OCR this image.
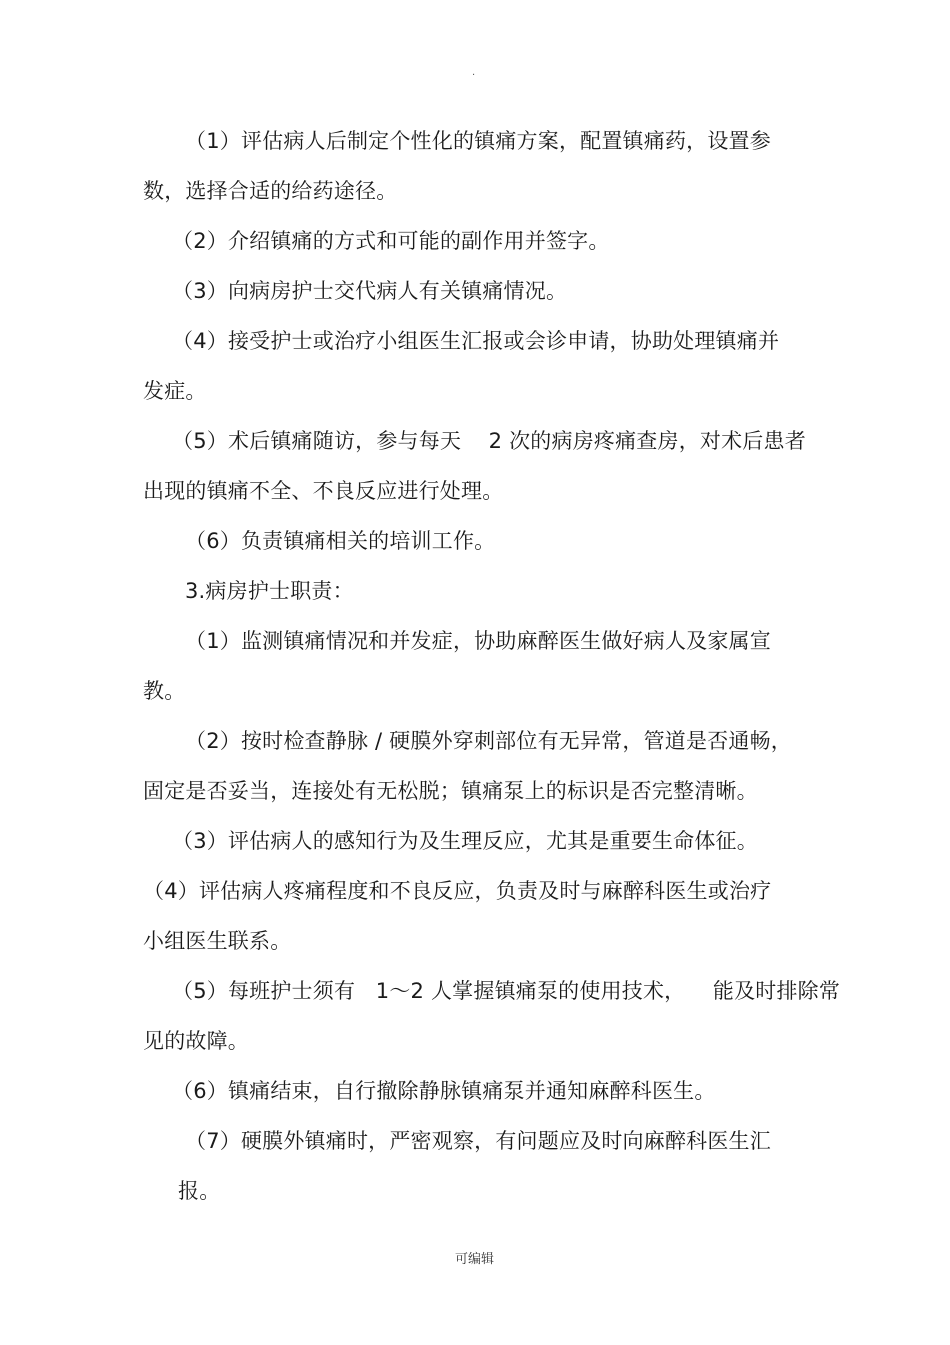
·
（1）评估病人后制定个性化的镇痛方案，配置镇痛药，设置参
数，选择合适的给药途径。
（2）介绍镇痛的方式和可能的副作用并签字。
（3）向病房护士交代病人有关镇痛情况。
（4）接受护士或治疗小组医生汇报或会诊申请，协助处理镇痛并
发症。
（5）术后镇痛随访，参与每天    2 次的病房疼痛查房，对术后患者
出现的镇痛不全、不良反应进行处理。
（6）负责镇痛相关的培训工作。
3.病房护士职责：
（1）监测镇痛情况和并发症，协助麻醉医生做好病人及家属宣
教。
（2）按时检查静脉 / 硬膜外穿刺部位有无异常，管道是否通畅，
固定是否妥当，连接处有无松脱；镇痛泵上的标识是否完整清晰。
（3）评估病人的感知行为及生理反应，尤其是重要生命体征。
（4）评估病人疼痛程度和不良反应，负责及时与麻醉科医生或治疗
小组医生联系。
（5）每班护士须有   1～2 人掌握镇痛泵的使用技术，    能及时排除常
见的故障。
（6）镇痛结束，自行撤除静脉镇痛泵并通知麻醉科医生。
（7）硬膜外镇痛时，严密观察，有问题应及时向麻醉科医生汇
报。
可编辑
